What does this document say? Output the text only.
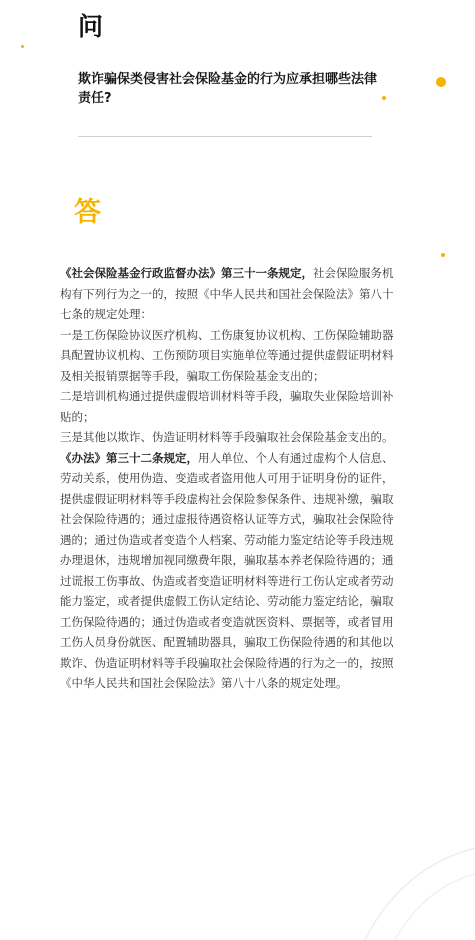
问
欺诈骗保类侵害社会保险基金的行为应承担哪些法律责任?
答

《社会保险基金行政监督办法》第三十一条规定，社会保险服务机构有下列行为之一的，按照《中华人民共和国社会保险法》第八十七条的规定处理：

一是工伤保险协议医疗机构、工伤康复协议机构、工伤保险辅助器具配置协议机构、工伤预防项目实施单位等通过提供虚假证明材料及相关报销票据等手段，骗取工伤保险基金支出的；

二是培训机构通过提供虚假培训材料等手段，骗取失业保险培训补贴的；

三是其他以欺诈、伪造证明材料等手段骗取社会保险基金支出的。

《办法》第三十二条规定，用人单位、个人有通过虚构个人信息、劳动关系，使用伪造、变造或者盗用他人可用于证明身份的证件，提供虚假证明材料等手段虚构社会保险参保条件、违规补缴，骗取社会保险待遇的；通过虚报待遇资格认证等方式，骗取社会保险待遇的；通过伪造或者变造个人档案、劳动能力鉴定结论等手段违规办理退休，违规增加视同缴费年限，骗取基本养老保险待遇的；通过谎报工伤事故、伪造或者变造证明材料等进行工伤认定或者劳动能力鉴定，或者提供虚假工伤认定结论、劳动能力鉴定结论，骗取工伤保险待遇的；通过伪造或者变造就医资料、票据等，或者冒用工伤人员身份就医、配置辅助器具，骗取工伤保险待遇的和其他以欺诈、伪造证明材料等手段骗取社会保险待遇的行为之一的，按照《中华人民共和国社会保险法》第八十八条的规定处理。
